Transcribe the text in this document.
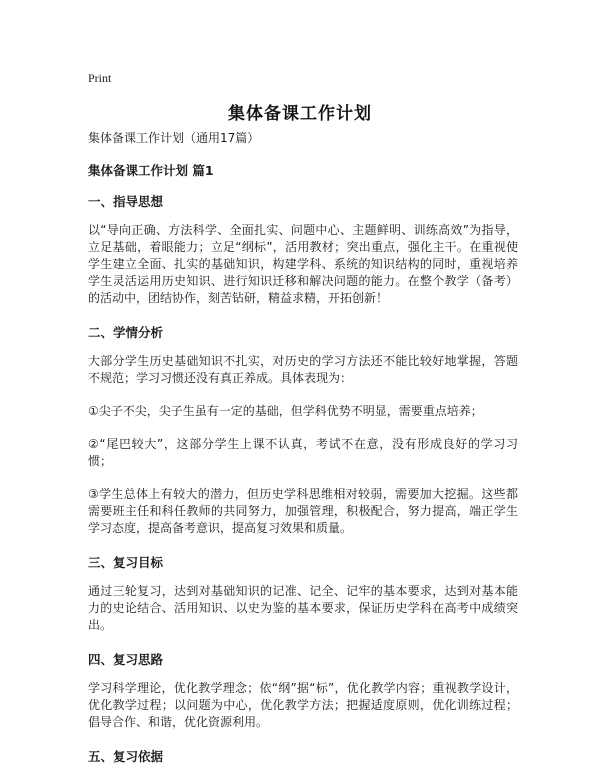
Print
集体备课工作计划

集体备课工作计划（通用17篇）

集体备课工作计划 篇1

一、指导思想

以“导向正确、方法科学、全面扎实、问题中心、主题鲜明、训练高效”为指导，立足基础，着眼能力；立足“纲标”，活用教材；突出重点，强化主干。在重视使学生建立全面、扎实的基础知识，构建学科、系统的知识结构的同时，重视培养学生灵活运用历史知识、进行知识迁移和解决问题的能力。在整个教学（备考）的活动中，团结协作，刻苦钻研，精益求精，开拓创新！

二、学情分析

大部分学生历史基础知识不扎实，对历史的学习方法还不能比较好地掌握，答题不规范；学习习惯还没有真正养成。具体表现为：

①尖子不尖，尖子生虽有一定的基础，但学科优势不明显，需要重点培养；

②“尾巴较大”，这部分学生上课不认真，考试不在意，没有形成良好的学习习惯；

③学生总体上有较大的潜力，但历史学科思维相对较弱，需要加大挖掘。这些都需要班主任和科任教师的共同努力，加强管理，积极配合，努力提高，端正学生学习态度，提高备考意识，提高复习效果和质量。

三、复习目标

通过三轮复习，达到对基础知识的记准、记全、记牢的基本要求，达到对基本能力的史论结合、活用知识、以史为鉴的基本要求，保证历史学科在高考中成绩突出。

四、复习思路

学习科学理论，优化教学理念；依“纲”据“标”，优化教学内容；重视教学设计，优化教学过程；以问题为中心，优化教学方法；把握适度原则，优化训练过程；倡导合作、和谐，优化资源利用。

五、复习依据
